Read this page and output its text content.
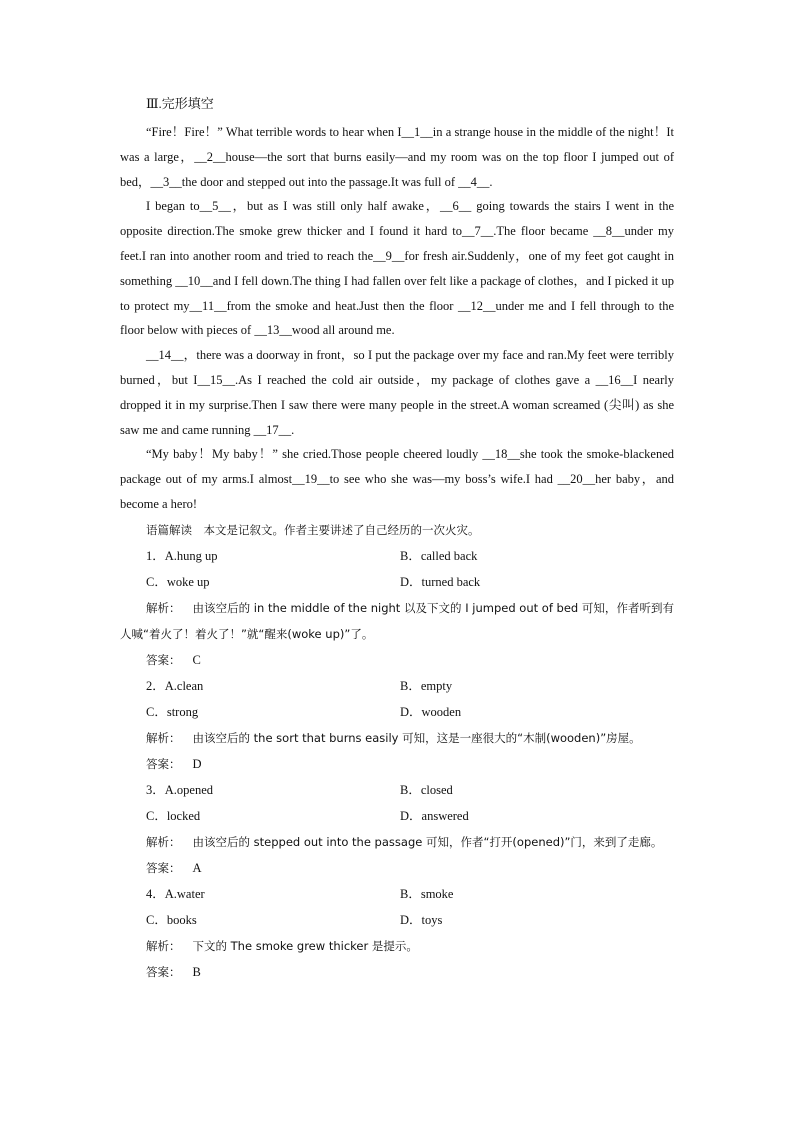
Ⅲ.完形填空

“Fire！Fire！” What terrible words to hear when I__1__in a strange house in the middle of the night！It was a large，__2__house—the sort that burns easily—and my room was on the top floor I jumped out of bed，__3__the door and stepped out into the passage.It was full of __4__.

I began to__5__，but as I was still only half awake，__6__ going towards the stairs I went in the opposite direction.The smoke grew thicker and I found it hard to__7__.The floor became __8__under my feet.I ran into another room and tried to reach the__9__for fresh air.Suddenly，one of my feet got caught in something __10__and I fell down.The thing I had fallen over felt like a package of clothes，and I picked it up to protect my__11__from the smoke and heat.Just then the floor __12__under me and I fell through to the floor below with pieces of __13__wood all around me.

__14__，there was a doorway in front，so I put the package over my face and ran.My feet were terribly burned，but I__15__.As I reached the cold air outside，my package of clothes gave a __16__I nearly dropped it in my surprise.Then I saw there were many people in the street.A woman screamed (尖叫) as she saw me and came running __17__.

“My baby！My baby！” she cried.Those people cheered loudly __18__she took the smoke-blackened package out of my arms.I almost__19__to see who she was—my boss’s wife.I had __20__her baby，and become a hero!

语篇解读　本文是记叙文。作者主要讲述了自己经历的一次火灾。
1．A.hung up	B．called back
C．woke up	D．turned back

解析： 由该空后的 in the middle of the night 以及下文的 I jumped out of bed 可知，作者听到有人喊“着火了！着火了！”就“醒来(woke up)”了。

答案： C

2．A.clean	B．empty
C．strong	D．wooden

解析： 由该空后的 the sort that burns easily 可知，这是一座很大的“木制(wooden)”房屋。

答案： D

3．A.opened	B．closed
C．locked	D．answered

解析： 由该空后的 stepped out into the passage 可知，作者“打开(opened)”门，来到了走廊。

答案： A

4．A.water	B．smoke
C．books	D．toys

解析： 下文的 The smoke grew thicker 是提示。

答案： B
